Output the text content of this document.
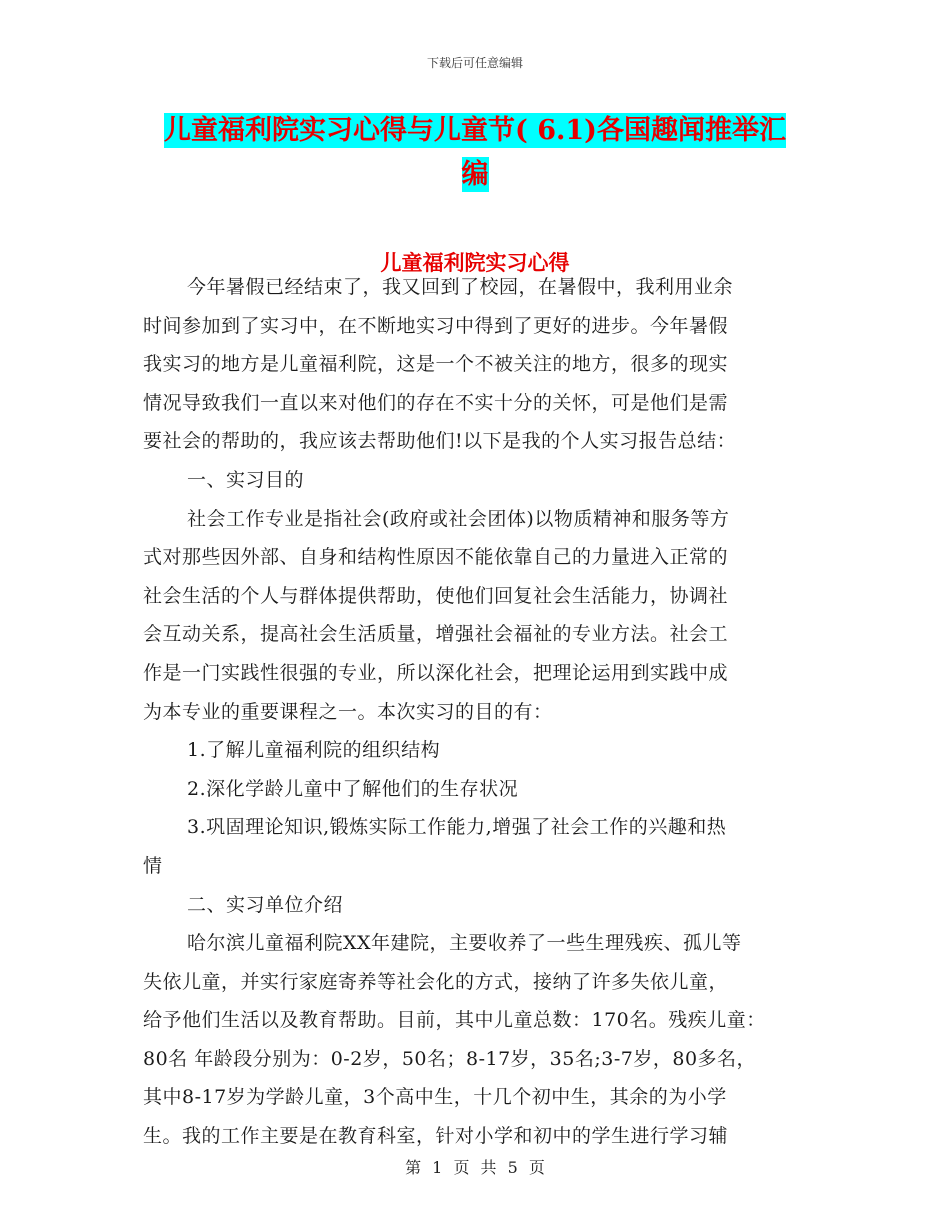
下载后可任意编辑
儿童福利院实习心得与儿童节( 6.1)各国趣闻推举汇
编
儿童福利院实习心得

今年暑假已经结束了，我又回到了校园，在暑假中，我利用业余

时间参加到了实习中，在不断地实习中得到了更好的进步。今年暑假

我实习的地方是儿童福利院，这是一个不被关注的地方，很多的现实

情况导致我们一直以来对他们的存在不实十分的关怀，可是他们是需

要社会的帮助的，我应该去帮助他们!以下是我的个人实习报告总结：

一、实习目的

社会工作专业是指社会(政府或社会团体)以物质精神和服务等方

式对那些因外部、自身和结构性原因不能依靠自己的力量进入正常的

社会生活的个人与群体提供帮助，使他们回复社会生活能力，协调社

会互动关系，提高社会生活质量，增强社会福祉的专业方法。社会工

作是一门实践性很强的专业，所以深化社会，把理论运用到实践中成

为本专业的重要课程之一。本次实习的目的有：

1.了解儿童福利院的组织结构

2.深化学龄儿童中了解他们的生存状况

3.巩固理论知识,锻炼实际工作能力,增强了社会工作的兴趣和热

情

二、实习单位介绍

哈尔滨儿童福利院XX年建院，主要收养了一些生理残疾、孤儿等

失依儿童，并实行家庭寄养等社会化的方式，接纳了许多失依儿童，

给予他们生活以及教育帮助。目前，其中儿童总数：170名。残疾儿童：

80名 年龄段分别为：0-2岁，50名；8-17岁，35名;3-7岁，80多名，

其中8-17岁为学龄儿童，3个高中生，十几个初中生，其余的为小学

生。我的工作主要是在教育科室，针对小学和初中的学生进行学习辅

第 1 页 共 5 页
